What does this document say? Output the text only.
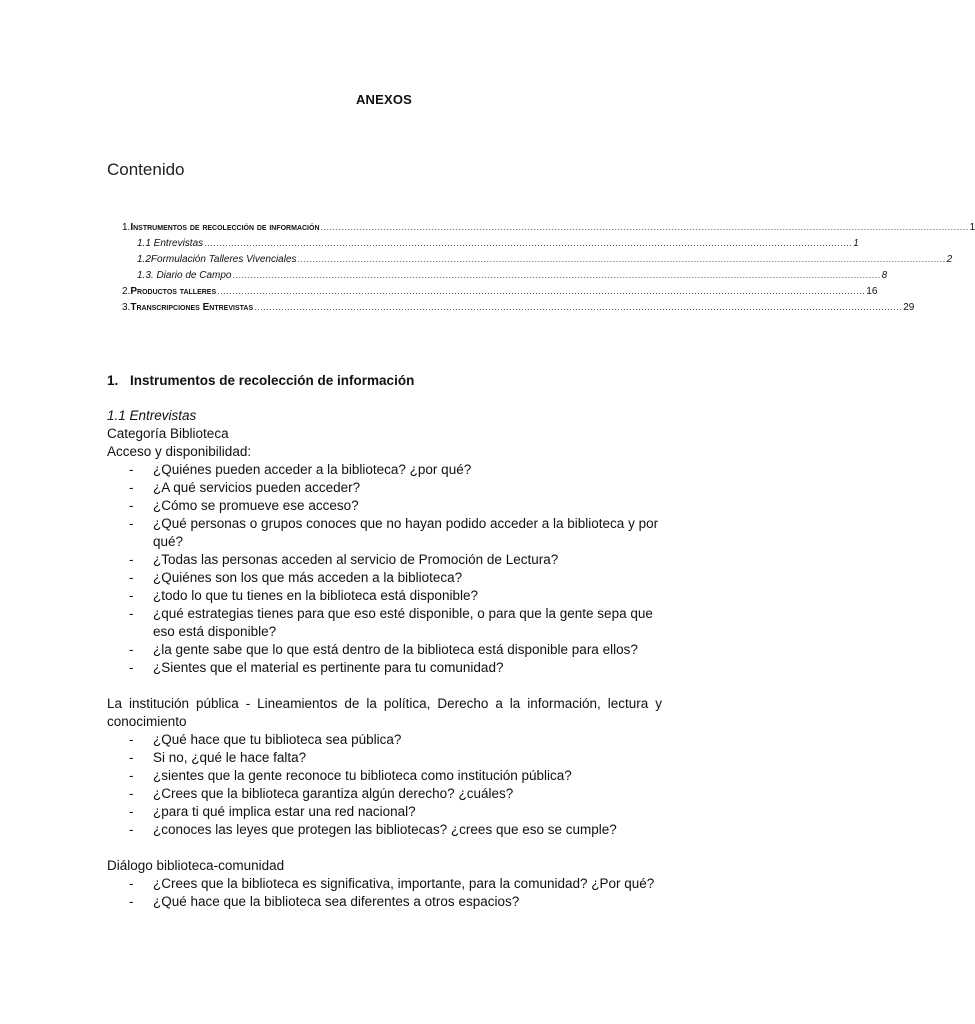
ANEXOS
Contenido
1. Instrumentos de recolección de información ........................................................................................................................................................................................................................ 1
1.1 Entrevistas ........................................................................................................................................................................................................................ 1
1.2 Formulación Talleres Vivenciales ........................................................................................................................................................................................................................ 2
1.3. Diario de Campo ........................................................................................................................................................................................................................ 8
2. Productos talleres ........................................................................................................................................................................................................................ 16
3. Transcripciones Entrevistas ........................................................................................................................................................................................................................ 29
1. Instrumentos de recolección de información
1.1 Entrevistas
Categoría Biblioteca
Acceso y disponibilidad:
- ¿Quiénes pueden acceder a la biblioteca? ¿por qué?
- ¿A qué servicios pueden acceder?
- ¿Cómo se promueve ese acceso?
- ¿Qué personas o grupos conoces que no hayan podido acceder a la biblioteca y por qué?
- ¿Todas las personas acceden al servicio de Promoción de Lectura?
- ¿Quiénes son los que más acceden a la biblioteca?
- ¿todo lo que tu tienes en la biblioteca está disponible?
- ¿qué estrategias tienes para que eso esté disponible, o para que la gente sepa que eso está disponible?
- ¿la gente sabe que lo que está dentro de la biblioteca está disponible para ellos?
- ¿Sientes que el material es pertinente para tu comunidad?
La institución pública - Lineamientos de la política, Derecho a la información, lectura y conocimiento
- ¿Qué hace que tu biblioteca sea pública?
- Si no, ¿qué le hace falta?
- ¿sientes que la gente reconoce tu biblioteca como institución pública?
- ¿Crees que la biblioteca garantiza algún derecho? ¿cuáles?
- ¿para ti qué implica estar una red nacional?
- ¿conoces las leyes que protegen las bibliotecas? ¿crees que eso se cumple?
Diálogo biblioteca-comunidad
- ¿Crees que la biblioteca es significativa, importante, para la comunidad? ¿Por qué?
- ¿Qué hace que la biblioteca sea diferentes a otros espacios?
